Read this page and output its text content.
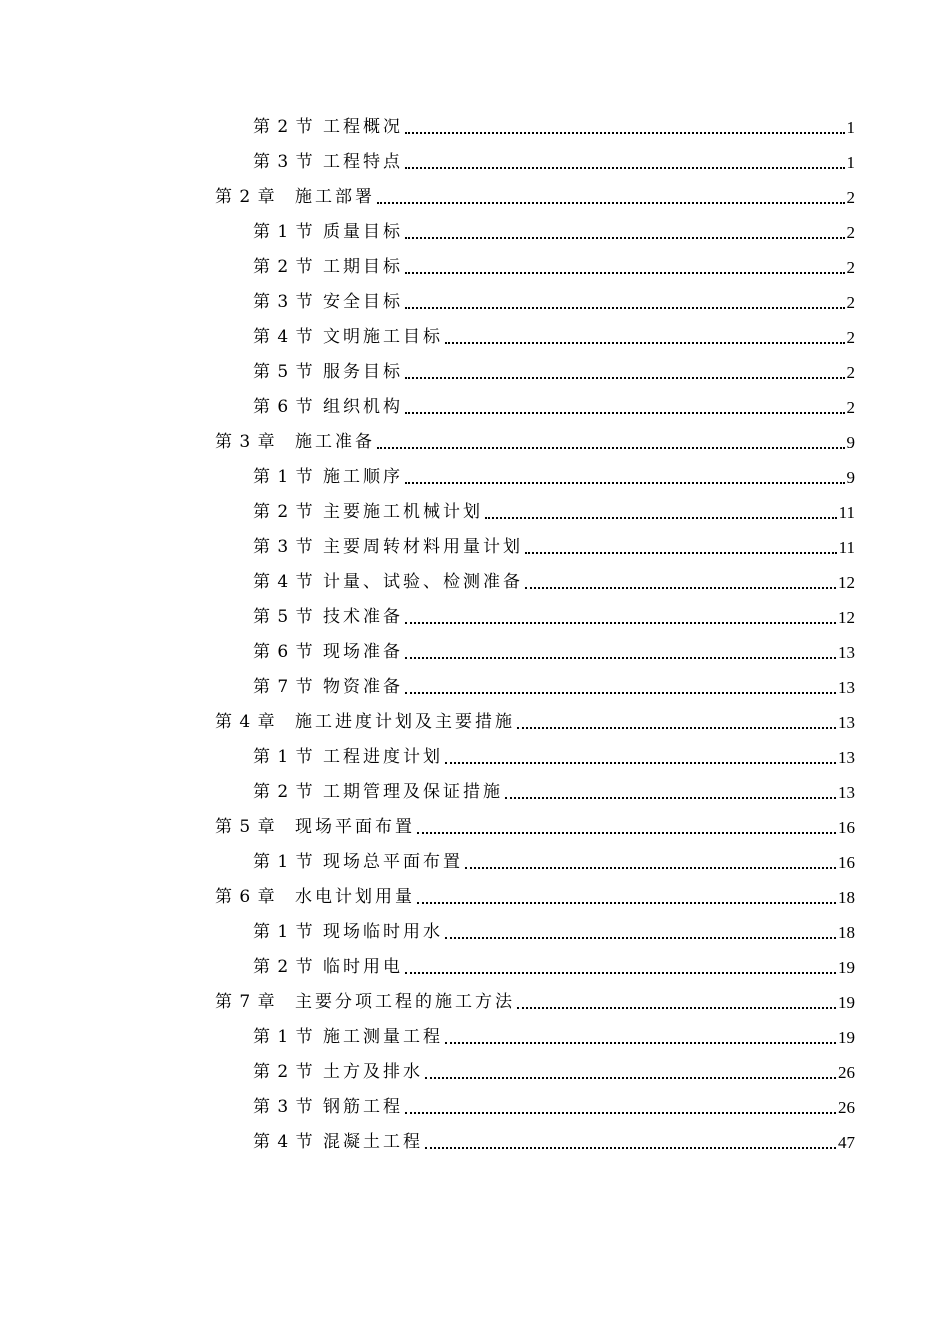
第 2 节 工程概况	1
第 3 节 工程特点	1
第 2 章	施工部署	2
第 1 节 质量目标	2
第 2 节 工期目标	2
第 3 节 安全目标	2
第 4 节 文明施工目标	2
第 5 节 服务目标	2
第 6 节 组织机构	2
第 3 章	施工准备	9
第 1 节 施工顺序	9
第 2 节 主要施工机械计划	11
第 3 节 主要周转材料用量计划	11
第 4 节 计量、试验、检测准备	12
第 5 节 技术准备	12
第 6 节 现场准备	13
第 7 节 物资准备	13
第 4 章	施工进度计划及主要措施	13
第 1 节 工程进度计划	13
第 2 节 工期管理及保证措施	13
第 5 章	现场平面布置	16
第 1 节 现场总平面布置	16
第 6 章	水电计划用量	18
第 1 节 现场临时用水	18
第 2 节 临时用电	19
第 7 章	主要分项工程的施工方法	19
第 1 节 施工测量工程	19
第 2 节 土方及排水	26
第 3 节 钢筋工程	26
第 4 节 混凝土工程	47
